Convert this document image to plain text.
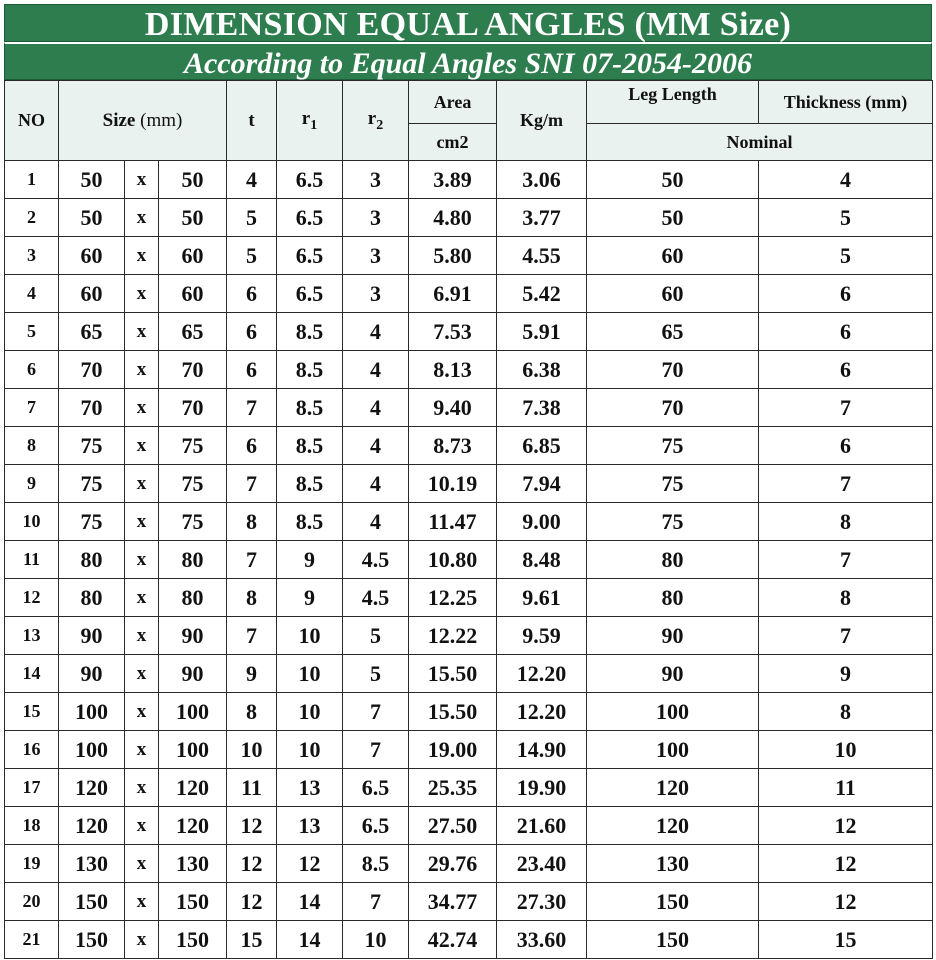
DIMENSION EQUAL ANGLES (MM Size)
According to Equal Angles SNI 07-2054-2006
NO	Size (mm)			t	$r_1$	$r_2$	Area	Kg/m	Leg Length	Thickness (mm)
							cm2		Nominal	
1	50	x	50	4	6.5	3	3.89	3.06	50	4
2	50	x	50	5	6.5	3	4.80	3.77	50	5
3	60	x	60	5	6.5	3	5.80	4.55	60	5
4	60	x	60	6	6.5	3	6.91	5.42	60	6
5	65	x	65	6	8.5	4	7.53	5.91	65	6
6	70	x	70	6	8.5	4	8.13	6.38	70	6
7	70	x	70	7	8.5	4	9.40	7.38	70	7
8	75	x	75	6	8.5	4	8.73	6.85	75	6
9	75	x	75	7	8.5	4	10.19	7.94	75	7
10	75	x	75	8	8.5	4	11.47	9.00	75	8
11	80	x	80	7	9	4.5	10.80	8.48	80	7
12	80	x	80	8	9	4.5	12.25	9.61	80	8
13	90	x	90	7	10	5	12.22	9.59	90	7
14	90	x	90	9	10	5	15.50	12.20	90	9
15	100	x	100	8	10	7	15.50	12.20	100	8
16	100	x	100	10	10	7	19.00	14.90	100	10
17	120	x	120	11	13	6.5	25.35	19.90	120	11
18	120	x	120	12	13	6.5	27.50	21.60	120	12
19	130	x	130	12	12	8.5	29.76	23.40	130	12
20	150	x	150	12	14	7	34.77	27.30	150	12
21	150	x	150	15	14	10	42.74	33.60	150	15
